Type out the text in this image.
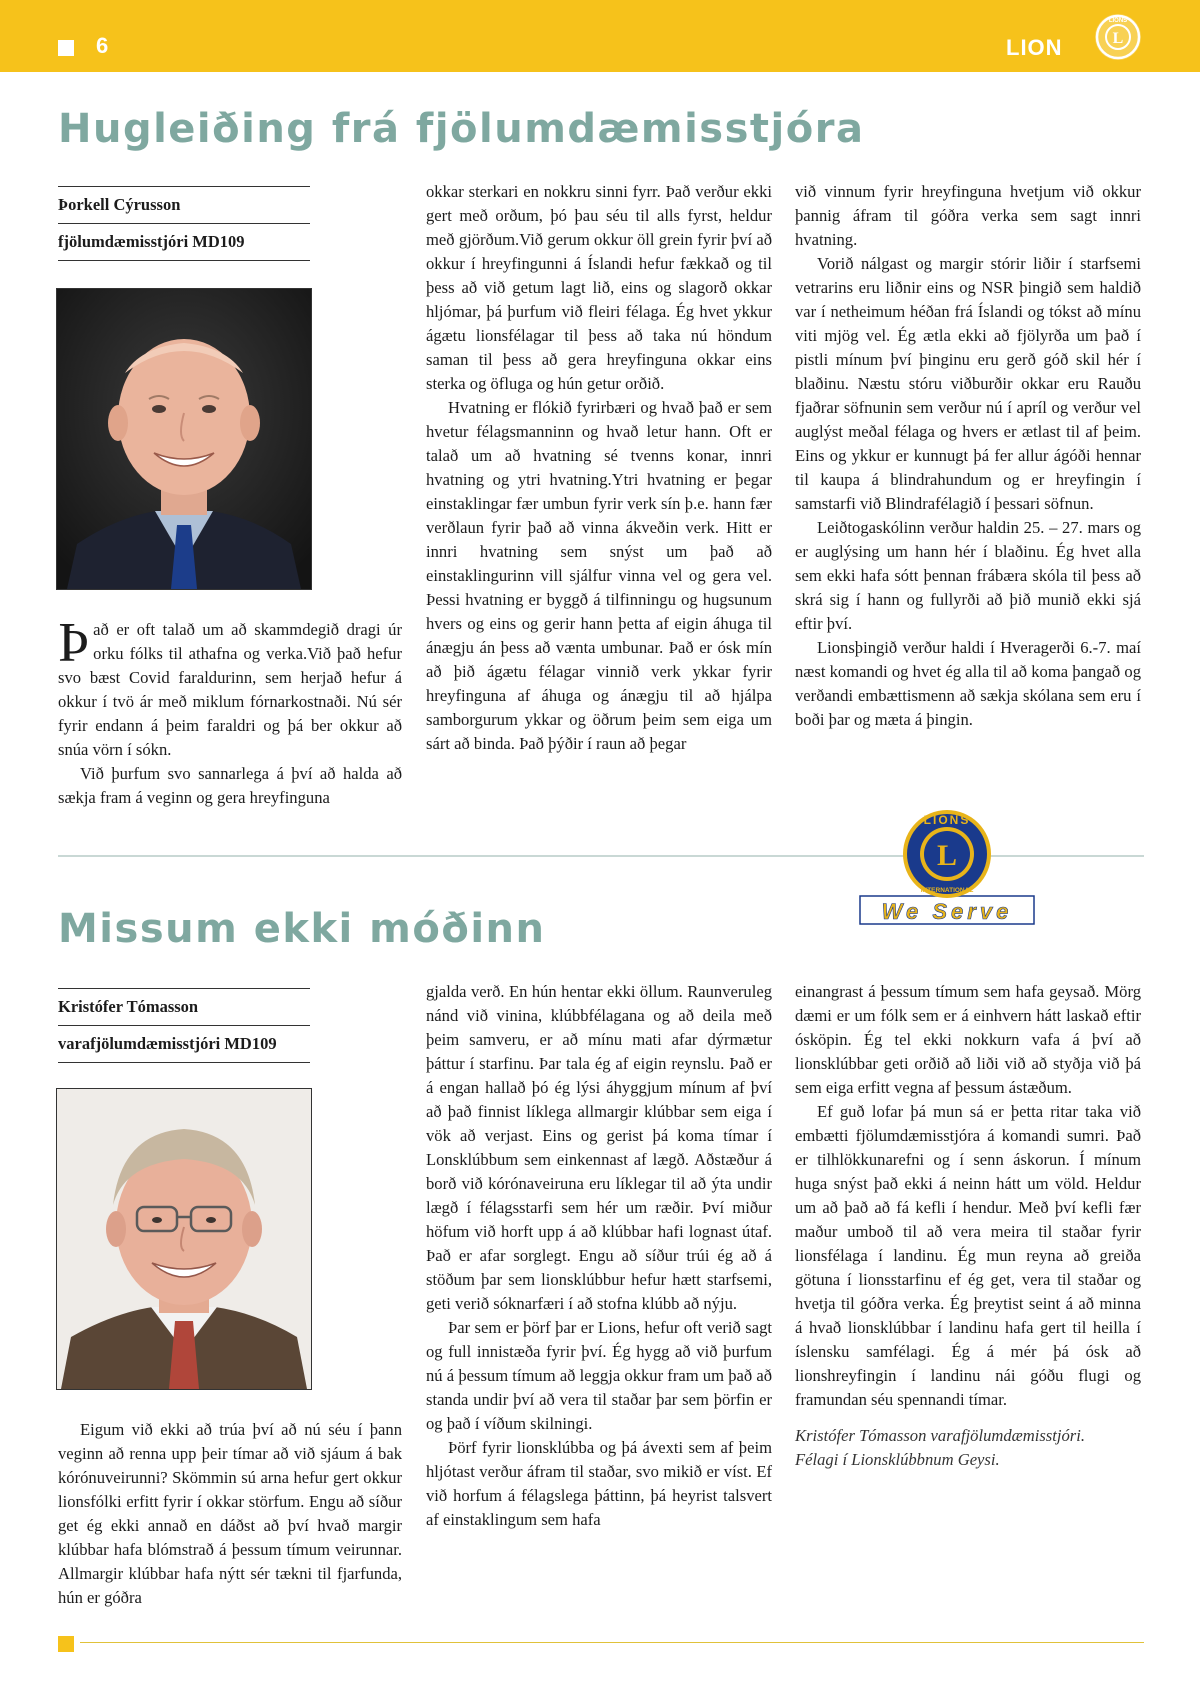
6	LION	L
LIONS
Hugleiðing frá fjölumdæmisstjóra
Þorkell Cýrusson
fjölumdæmisstjóri MD109

Það er oft talað um að skammdegið dragi úr orku fólks til athafna og verka.Við það hefur svo bæst Covid faraldurinn, sem herjað hefur á okkur í tvö ár með miklum fórnarkostnaði. Nú sér fyrir endann á þeim faraldri og þá ber okkur að snúa vörn í sókn.

Við þurfum svo sannarlega á því að halda að sækja fram á veginn og gera hreyfinguna

okkar sterkari en nokkru sinni fyrr. Það verður ekki gert með orðum, þó þau séu til alls fyrst, heldur með gjörðum.Við gerum okkur öll grein fyrir því að okkur í hreyfingunni á Íslandi hefur fækkað og til þess að við getum lagt lið, eins og slagorð okkar hljómar, þá þurfum við fleiri félaga. Ég hvet ykkur ágætu lionsfélagar til þess að taka nú höndum saman til þess að gera hreyfinguna okkar eins sterka og öfluga og hún getur orðið.

Hvatning er flókið fyrirbæri og hvað það er sem hvetur félagsmanninn og hvað letur hann. Oft er talað um að hvatning sé tvenns konar, innri hvatning og ytri hvatning.Ytri hvatning er þegar einstaklingar fær umbun fyrir verk sín þ.e. hann fær verðlaun fyrir það að vinna ákveðin verk. Hitt er innri hvatning sem snýst um það að einstaklingurinn vill sjálfur vinna vel og gera vel. Þessi hvatning er byggð á tilfinningu og hugsunum hvers og eins og gerir hann þetta af eigin áhuga til ánægju án þess að vænta umbunar. Það er ósk mín að þið ágætu félagar vinnið verk ykkar fyrir hreyfinguna af áhuga og ánægju til að hjálpa samborgurum ykkar og öðrum þeim sem eiga um sárt að binda. Það þýðir í raun að þegar

við vinnum fyrir hreyfinguna hvetjum við okkur þannig áfram til góðra verka sem sagt innri hvatning.

Vorið nálgast og margir stórir liðir í starfsemi vetrarins eru liðnir eins og NSR þingið sem haldið var í netheimum héðan frá Íslandi og tókst að mínu viti mjög vel. Ég ætla ekki að fjölyrða um það í pistli mínum því þinginu eru gerð góð skil hér í blaðinu. Næstu stóru viðburðir okkar eru Rauðu fjaðrar söfnunin sem verður nú í apríl og verður vel auglýst meðal félaga og hvers er ætlast til af þeim. Eins og ykkur er kunnugt þá fer allur ágóði hennar til kaupa á blindrahundum og er hreyfingin í samstarfi við Blindrafélagið í þessari söfnun.

Leiðtogaskólinn verður haldin 25. – 27. mars og er auglýsing um hann hér í blaðinu. Ég hvet alla sem ekki hafa sótt þennan frábæra skóla til þess að skrá sig í hann og fullyrði að þið munið ekki sjá eftir því.

Lionsþingið verður haldi í Hveragerði 6.-7. maí næst komandi og hvet ég alla til að koma þangað og verðandi embættismenn að sækja skólana sem eru í boði þar og mæta á þingin.

L
LIONS
INTERNATIONAL
We Serve
Missum ekki móðinn
Kristófer Tómasson
varafjölumdæmisstjóri MD109

Eigum við ekki að trúa því að nú séu í þann veginn að renna upp þeir tímar að við sjáum á bak kórónuveirunni? Skömmin sú arna hefur gert okkur lionsfólki erfitt fyrir í okkar störfum. Engu að síður get ég ekki annað en dáðst að því hvað margir klúbbar hafa blómstrað á þessum tímum veirunnar. Allmargir klúbbar hafa nýtt sér tækni til fjarfunda, hún er góðra

gjalda verð. En hún hentar ekki öllum. Raunveruleg nánd við vinina, klúbbfélagana og að deila með þeim samveru, er að mínu mati afar dýrmætur þáttur í starfinu. Þar tala ég af eigin reynslu. Það er á engan hallað þó ég lýsi áhyggjum mínum af því að það finnist líklega allmargir klúbbar sem eiga í vök að verjast. Eins og gerist þá koma tímar í Lonsklúbbum sem einkennast af lægð. Aðstæður á borð við kórónaveiruna eru líklegar til að ýta undir lægð í félagsstarfi sem hér um ræðir. Því miður höfum við horft upp á að klúbbar hafi lognast útaf. Það er afar sorglegt. Engu að síður trúi ég að á stöðum þar sem lionsklúbbur hefur hætt starfsemi, geti verið sóknarfæri í að stofna klúbb að nýju.

Þar sem er þörf þar er Lions, hefur oft verið sagt og full innistæða fyrir því. Ég hygg að við þurfum nú á þessum tímum að leggja okkur fram um það að standa undir því að vera til staðar þar sem þörfin er og það í víðum skilningi.

Þörf fyrir lionsklúbba og þá ávexti sem af þeim hljótast verður áfram til staðar, svo mikið er víst. Ef við horfum á félagslega þáttinn, þá heyrist talsvert af einstaklingum sem hafa

einangrast á þessum tímum sem hafa geysað. Mörg dæmi er um fólk sem er á einhvern hátt laskað eftir ósköpin. Ég tel ekki nokkurn vafa á því að lionsklúbbar geti orðið að liði við að styðja við þá sem eiga erfitt vegna af þessum ástæðum.

Ef guð lofar þá mun sá er þetta ritar taka við embætti fjölumdæmisstjóra á komandi sumri. Það er tilhlökkunarefni og í senn áskorun. Í mínum huga snýst það ekki á neinn hátt um völd. Heldur um að það að fá kefli í hendur. Með því kefli fær maður umboð til að vera meira til staðar fyrir lionsfélaga í landinu. Ég mun reyna að greiða götuna í lionsstarfinu ef ég get, vera til staðar og hvetja til góðra verka. Ég þreytist seint á að minna á hvað lionsklúbbar í landinu hafa gert til heilla í íslensku samfélagi. Ég á mér þá ósk að lionshreyfingin í landinu nái góðu flugi og framundan séu spennandi tímar.

Kristófer Tómasson varafjölumdæmisstjóri.
Félagi í Lionsklúbbnum Geysi.
